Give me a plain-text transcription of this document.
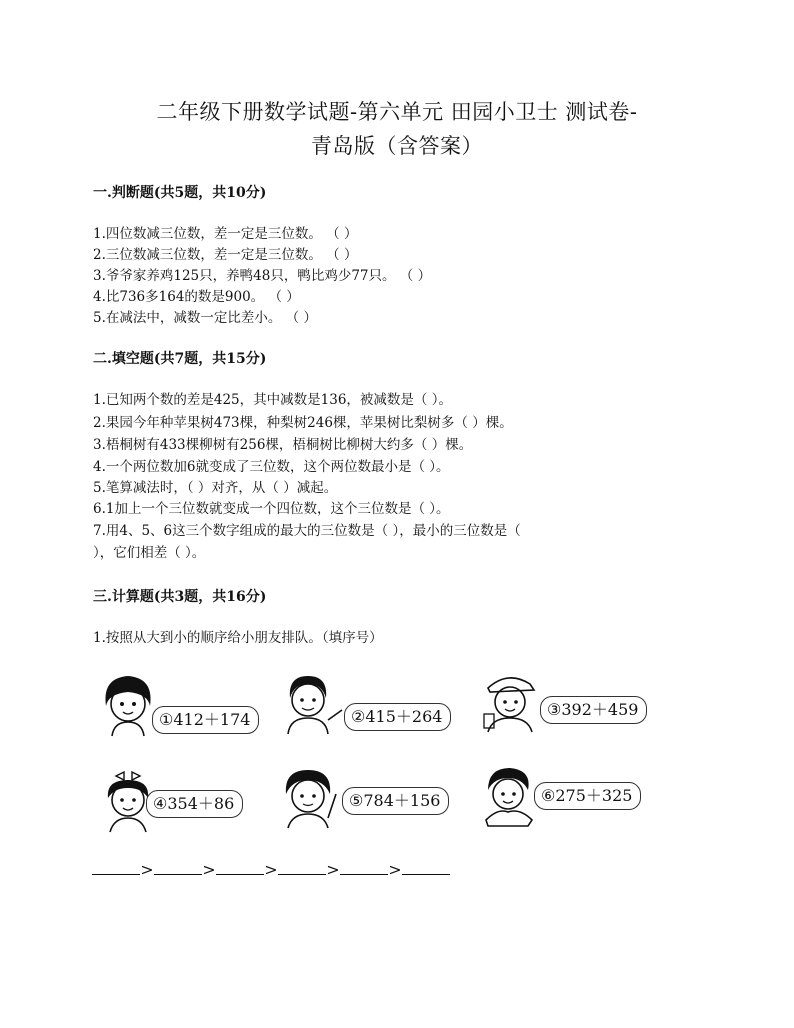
二年级下册数学试题-第六单元 田园小卫士 测试卷-
青岛版（含答案）
一.判断题(共5题，共10分)
1.四位数减三位数，差一定是三位数。 （ ）
2.三位数减三位数，差一定是三位数。 （ ）
3.爷爷家养鸡125只，养鸭48只，鸭比鸡少77只。 （ ）
4.比736多164的数是900。 （ ）
5.在减法中，减数一定比差小。 （ ）
二.填空题(共7题，共15分)
1.已知两个数的差是425，其中减数是136，被减数是（ ）。
2.果园今年种苹果树473棵，种梨树246棵，苹果树比梨树多（ ）棵。
3.梧桐树有433棵柳树有256棵，梧桐树比柳树大约多（ ）棵。
4.一个两位数加6就变成了三位数，这个两位数最小是（ ）。
5.笔算减法时，（ ）对齐，从（ ）减起。
6.1加上一个三位数就变成一个四位数，这个三位数是（ ）。
7.用4、5、6这三个数字组成的最大的三位数是（ ），最小的三位数是（
），它们相差（ ）。
三.计算题(共3题，共16分)
1.按照从大到小的顺序给小朋友排队。（填序号）
①412＋174	②415＋264	③392＋459
④354＋86	⑤784＋156	⑥275＋325
>	>	>	>	>
